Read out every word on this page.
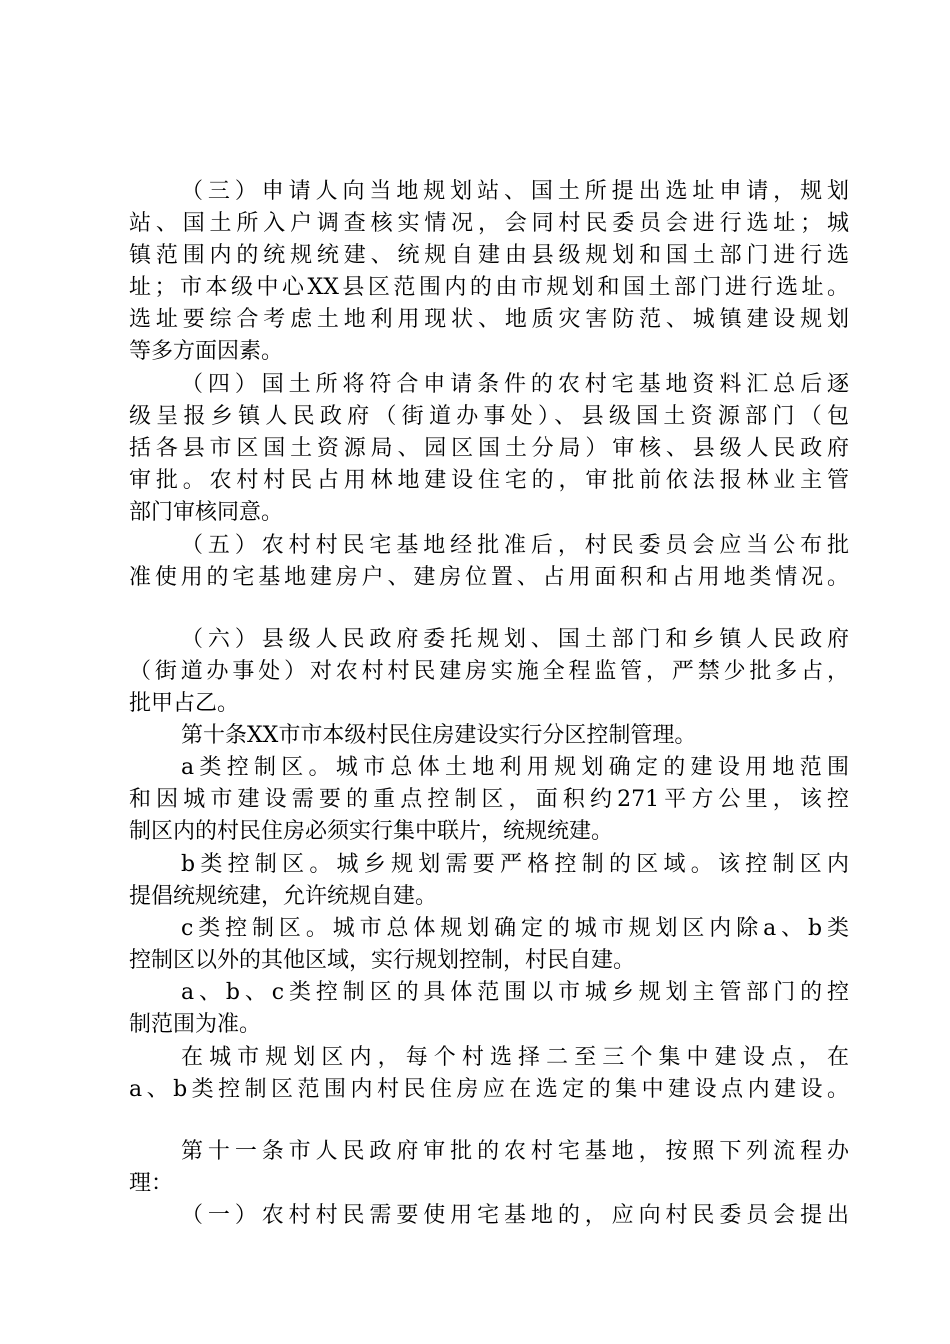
（三）申请人向当地规划站、国土所提出选址申请，规划
站、国土所入户调查核实情况，会同村民委员会进行选址；城
镇范围内的统规统建、统规自建由县级规划和国土部门进行选
址；市本级中心XX县区范围内的由市规划和国土部门进行选址。
选址要综合考虑土地利用现状、地质灾害防范、城镇建设规划
等多方面因素。
（四）国土所将符合申请条件的农村宅基地资料汇总后逐
级呈报乡镇人民政府（街道办事处）、县级国土资源部门（包
括各县市区国土资源局、园区国土分局）审核、县级人民政府
审批。农村村民占用林地建设住宅的，审批前依法报林业主管
部门审核同意。
（五）农村村民宅基地经批准后，村民委员会应当公布批
准使用的宅基地建房户、建房位置、占用面积和占用地类情况。
（六）县级人民政府委托规划、国土部门和乡镇人民政府
（街道办事处）对农村村民建房实施全程监管，严禁少批多占，
批甲占乙。
第十条XX市市本级村民住房建设实行分区控制管理。
a类控制区。城市总体土地利用规划确定的建设用地范围
和因城市建设需要的重点控制区，面积约271平方公里，该控
制区内的村民住房必须实行集中联片，统规统建。
b类控制区。城乡规划需要严格控制的区域。该控制区内
提倡统规统建，允许统规自建。
c类控制区。城市总体规划确定的城市规划区内除a、b类
控制区以外的其他区域，实行规划控制，村民自建。
a、b、c类控制区的具体范围以市城乡规划主管部门的控
制范围为准。
在城市规划区内，每个村选择二至三个集中建设点，在
a、b类控制区范围内村民住房应在选定的集中建设点内建设。
第十一条市人民政府审批的农村宅基地，按照下列流程办
理：
（一）农村村民需要使用宅基地的，应向村民委员会提出
